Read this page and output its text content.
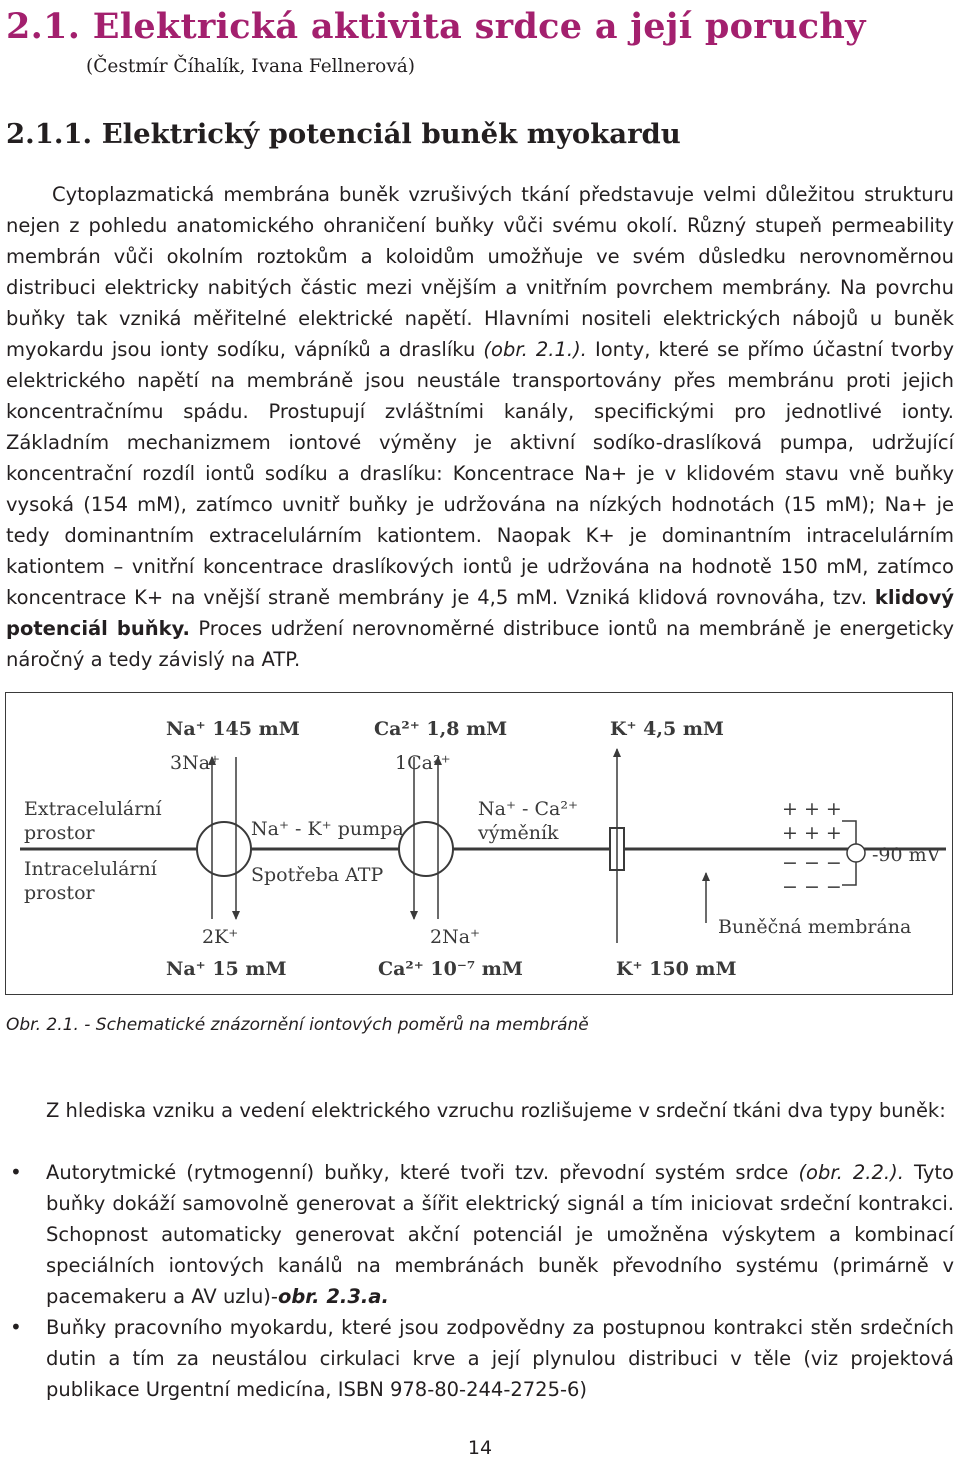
2.1. Elektrická aktivita srdce a její poruchy
(Čestmír Číhalík, Ivana Fellnerová)
2.1.1. Elektrický potenciál buněk myokardu

Cytoplazmatická membrána buněk vzrušivých tkání představuje velmi důležitou strukturu nejen z pohledu anatomického ohraničení buňky vůči svému okolí. Různý stupeň permeability membrán vůči okolním roztokům a koloidům umožňuje ve svém důsledku nerovnoměrnou distribuci elektricky nabitých částic mezi vnějším a vnitřním povrchem membrány. Na povrchu buňky tak vzniká měřitelné elektrické napětí. Hlavními nositeli elektrických nábojů u buněk myokardu jsou ionty sodíku, vápníků a draslíku (obr. 2.1.). Ionty, které se přímo účastní tvorby elektrického napětí na membráně jsou neustále transportovány přes membránu proti jejich koncentračnímu spádu. Prostupují zvláštními kanály, specifickými pro jednotlivé ionty. Základním mechanizmem iontové výměny je aktivní sodíko-draslíková pumpa, udržující koncentrační rozdíl iontů sodíku a draslíku: Koncentrace Na+ je v klidovém stavu vně buňky vysoká (154 mM), zatímco uvnitř buňky je udržována na nízkých hodnotách (15 mM); Na+ je tedy dominantním extracelulárním kationtem. Naopak K+ je dominantním intracelulárním kationtem – vnitřní koncentrace draslíkových iontů je udržována na hodnotě 150 mM, zatímco koncentrace K+ na vnější straně membrány je 4,5 mM. Vzniká klidová rovnováha, tzv. klidový potenciál buňky. Proces udržení nerovnoměrné distribuce iontů na membráně je energeticky náročný a tedy závislý na ATP.

Na⁺ 145 mM	Ca²⁺ 1,8 mM	K⁺ 4,5 mM
3Na⁺	1Ca²⁺
Extracelulární
prostor
Intracelulární
prostor
Na⁺ - K⁺ pumpa
Spotřeba ATP
Na⁺ - Ca²⁺
výměník
+ + +
+ + +
− − −
− − −
-90 mV
Buněčná membrána
2K⁺	2Na⁺
Na⁺ 15 mM	Ca²⁺ 10⁻⁷ mM	K⁺ 150 mM

Obr. 2.1. - Schematické znázornění iontových poměrů na membráně

Z hlediska vzniku a vedení elektrického vzruchu rozlišujeme v srdeční tkáni dva typy buněk:

• Autorytmické (rytmogenní) buňky, které tvoři tzv. převodní systém srdce (obr. 2.2.). Tyto buňky dokáží samovolně generovat a šířit elektrický signál a tím iniciovat srdeční kontrakci. Schopnost automaticky generovat akční potenciál je umožněna výskytem a kombinací speciálních iontových kanálů na membránách buněk převodního systému (primárně v pacemakeru a AV uzlu)-obr. 2.3.a.
• Buňky pracovního myokardu, které jsou zodpovědny za postupnou kontrakci stěn srdečních dutin a tím za neustálou cirkulaci krve a její plynulou distribuci v těle (viz projektová publikace Urgentní medicína, ISBN 978-80-244-2725-6)
14
